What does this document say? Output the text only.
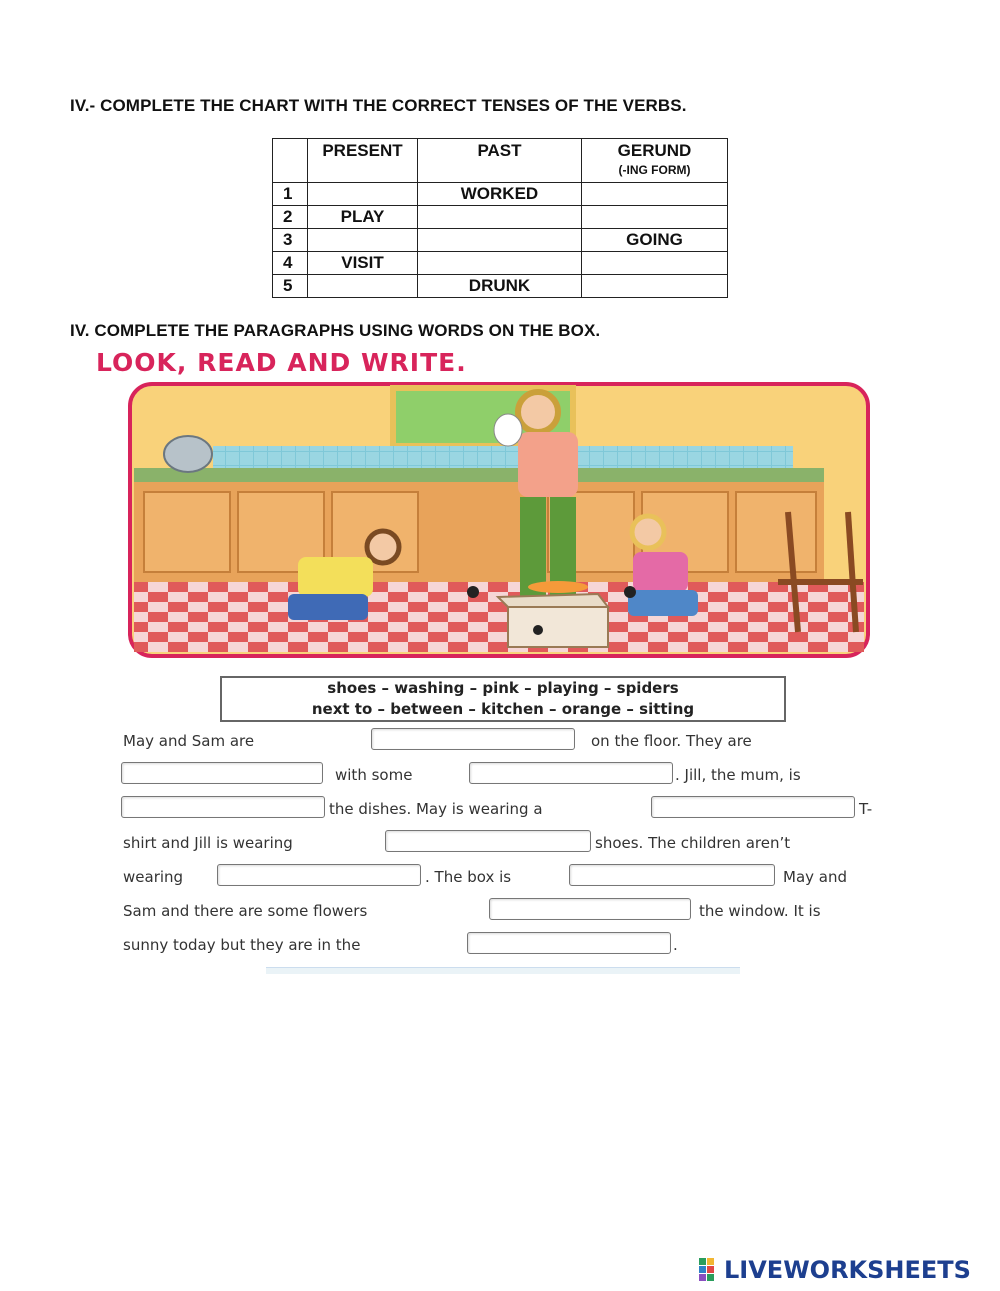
IV.- COMPLETE THE CHART WITH THE CORRECT TENSES OF THE VERBS.
	PRESENT	PAST	GERUND
(-ING FORM)

1		WORKED	
2	PLAY		
3			GOING
4	VISIT		
5		DRUNK	
IV. COMPLETE THE PARAGRAPHS USING WORDS ON THE BOX.
LOOK, READ AND WRITE.
shoes – washing – pink – playing – spiders
next to – between – kitchen – orange – sitting
May and Sam are	on the floor. They are
with some	. Jill, the mum, is
the dishes. May is wearing a	T-
shirt and Jill is wearing	shoes. The children aren’t
wearing	. The box is	May and
Sam and there are some flowers	the window. It is
sunny today but they are in the	.
LIVEWORKSHEETS
